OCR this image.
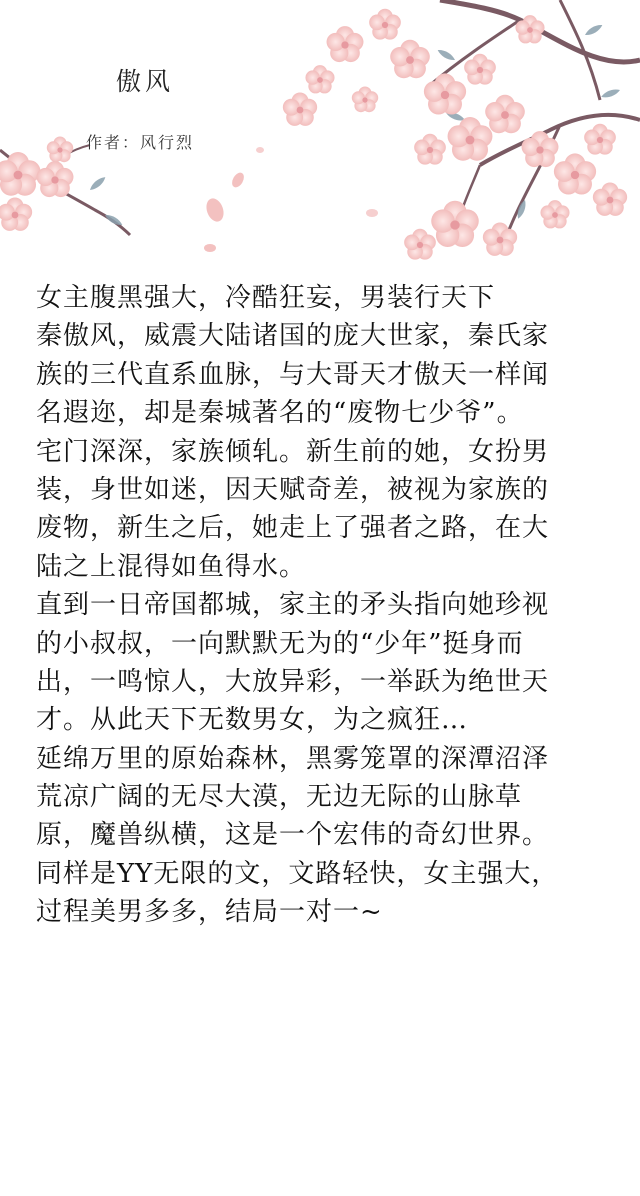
傲风
作者：风行烈
女主腹黑强大，冷酷狂妄，男装行天下
秦傲风，威震大陆诸国的庞大世家，秦氏家
族的三代直系血脉，与大哥天才傲天一样闻
名遐迩，却是秦城著名的“废物七少爷”。
宅门深深，家族倾轧。新生前的她，女扮男
装，身世如迷，因天赋奇差，被视为家族的
废物，新生之后，她走上了强者之路，在大
陆之上混得如鱼得水。
直到一日帝国都城，家主的矛头指向她珍视
的小叔叔，一向默默无为的“少年”挺身而
出，一鸣惊人，大放异彩，一举跃为绝世天
才。从此天下无数男女，为之疯狂…
延绵万里的原始森林，黑雾笼罩的深潭沼泽
荒凉广阔的无尽大漠，无边无际的山脉草
原，魔兽纵横，这是一个宏伟的奇幻世界。
同样是YY无限的文，文路轻快，女主强大，
过程美男多多，结局一对一~
